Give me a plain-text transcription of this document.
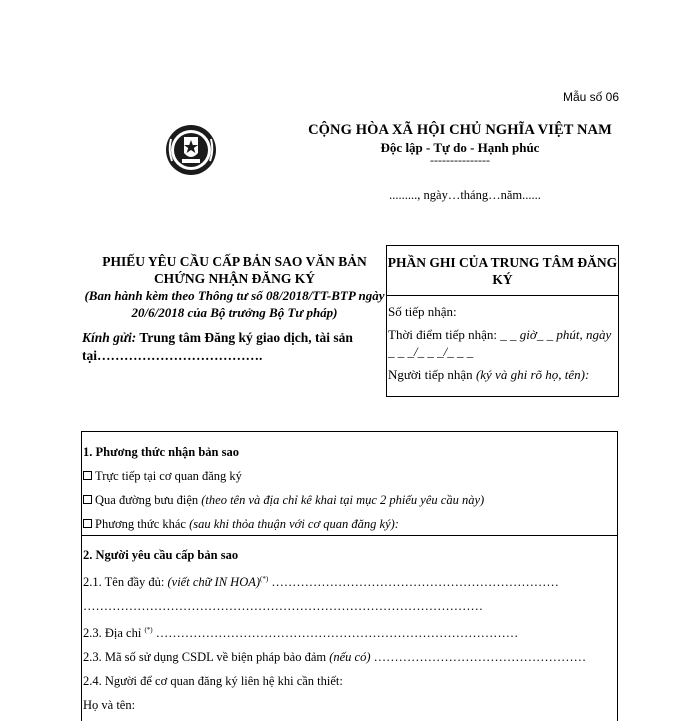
Mẫu số 06
CỘNG HÒA XÃ HỘI CHỦ NGHĨA VIỆT NAM
Độc lập - Tự do - Hạnh phúc
---------------
........., ngày…tháng…năm......
PHIẾU YÊU CẦU CẤP BẢN SAO VĂN BẢN CHỨNG NHẬN ĐĂNG KÝ
(Ban hành kèm theo Thông tư số 08/2018/TT-BTP ngày 20/6/2018 của Bộ trưởng Bộ Tư pháp)
Kính gửi: Trung tâm Đăng ký giao dịch, tài sản tại……………………………….
PHẦN GHI CỦA TRUNG TÂM ĐĂNG KÝ
Số tiếp nhận:
Thời điểm tiếp nhận: _ _ giờ_ _ phút, ngày _ _ _/_ _ _/_ _ _
Người tiếp nhận (ký và ghi rõ họ, tên):
1. Phương thức nhận bản sao
Trực tiếp tại cơ quan đăng ký
Qua đường bưu điện (theo tên và địa chỉ kê khai tại mục 2 phiếu yêu cầu này)
Phương thức khác (sau khi thỏa thuận với cơ quan đăng ký):
2. Người yêu cầu cấp bản sao
2.1. Tên đầy đủ: (viết chữ IN HOA)(*) ……………………………………………………………
……………………………………………………………………………………
2.3. Địa chỉ (*) ……………………………………………………………………………
2.3. Mã số sử dụng CSDL về biện pháp bảo đảm (nếu có) ……………………………………………
2.4. Người để cơ quan đăng ký liên hệ khi cần thiết:
Họ và tên:
